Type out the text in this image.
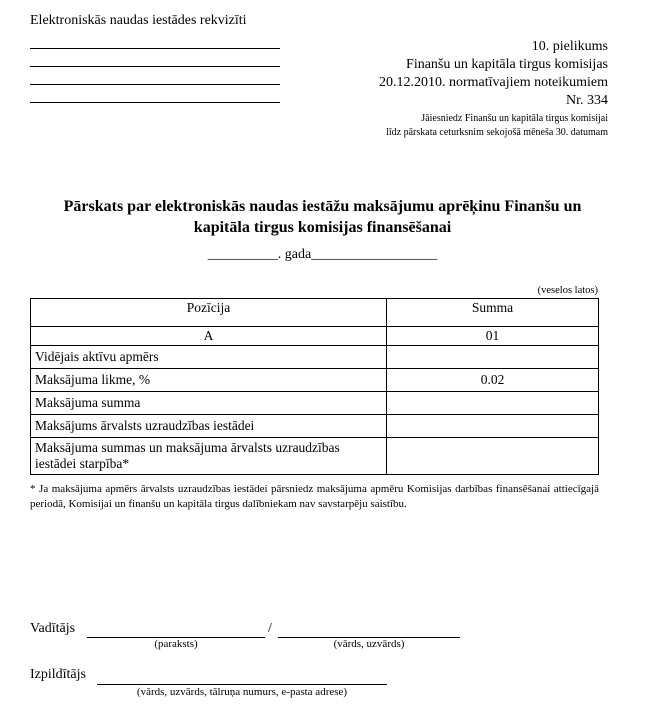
Elektroniskās naudas iestādes rekvizīti
10. pielikums
Finanšu un kapitāla tirgus komisijas
20.12.2010. normatīvajiem noteikumiem
Nr. 334
Jāiesniedz Finanšu un kapitāla tirgus komisijai
līdz pārskata ceturksnim sekojošā mēneša 30. datumam
Pārskats par elektroniskās naudas iestāžu maksājumu aprēķinu Finanšu un
kapitāla tirgus komisijas finansēšanai
__________. gada__________________
(veselos latos)
Pozīcija	Summa
A	01
Vidējais aktīvu apmērs	
Maksājuma likme, %	0.02
Maksājuma summa	
Maksājums ārvalsts uzraudzības iestādei	
Maksājuma summas un maksājuma ārvalsts uzraudzības iestādei starpība*	
* Ja maksājuma apmērs ārvalsts uzraudzības iestādei pārsniedz maksājuma apmēru Komisijas darbības finansēšanai attiecīgajā periodā, Komisijai un finanšu un kapitāla tirgus dalībniekam nav savstarpēju saistību.
Vadītājs	/
(paraksts)	(vārds, uzvārds)
Izpildītājs
(vārds, uzvārds, tālruņa numurs, e-pasta adrese)
